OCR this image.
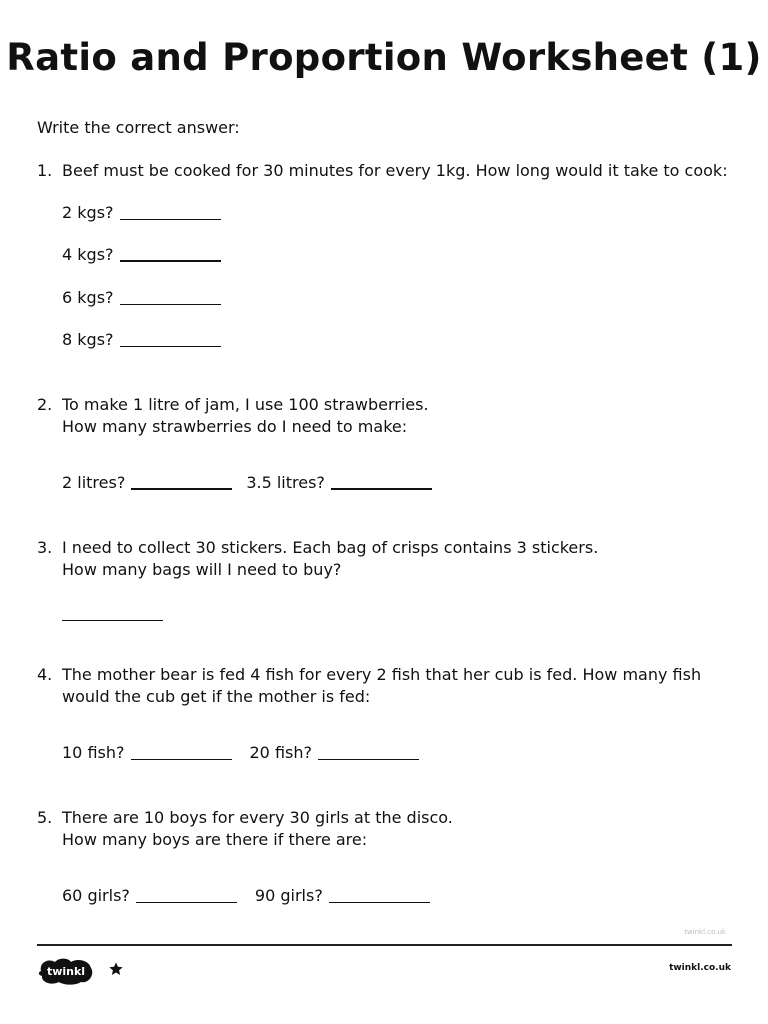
Ratio and Proportion Worksheet (1)
Write the correct answer:
1. Beef must be cooked for 30 minutes for every 1kg. How long would it take to cook:
2 kgs?
4 kgs?
6 kgs?
8 kgs?
2. To make 1 litre of jam, I use 100 strawberries.
How many strawberries do I need to make:
2 litres?	3.5 litres?
3. I need to collect 30 stickers. Each bag of crisps contains 3 stickers.
How many bags will I need to buy?
4. The mother bear is fed 4 fish for every 2 fish that her cub is fed. How many fish
would the cub get if the mother is fed:
10 fish?	20 fish?
5. There are 10 boys for every 30 girls at the disco.
How many boys are there if there are:
60 girls?	90 girls?
twinkl.co.uk
twinkl	twinkl.co.uk
